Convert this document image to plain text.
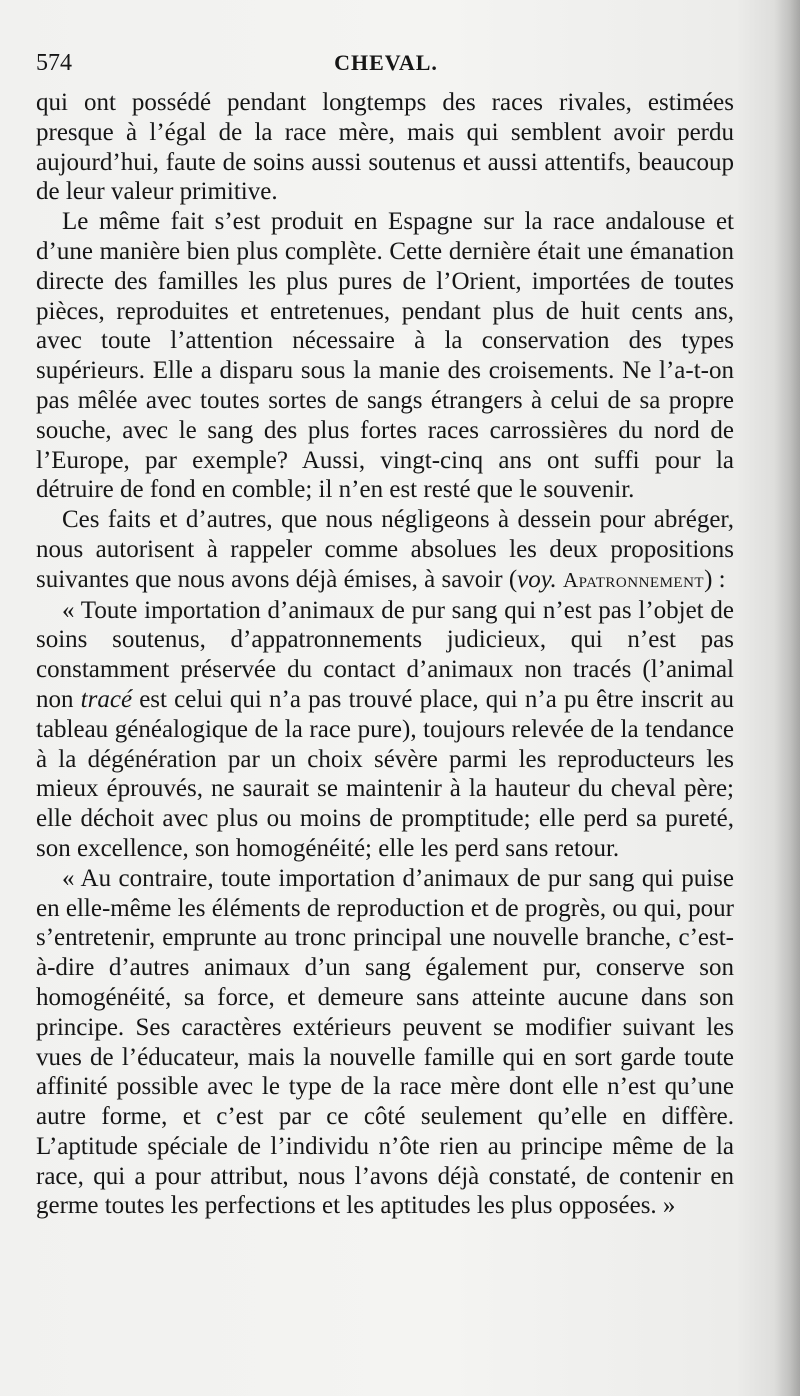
574	CHEVAL.

qui ont possédé pendant longtemps des races rivales, estimées presque à l’égal de la race mère, mais qui semblent avoir perdu aujourd’hui, faute de soins aussi soutenus et aussi attentifs, beaucoup de leur valeur primitive.

Le même fait s’est produit en Espagne sur la race andalouse et d’une manière bien plus complète. Cette dernière était une émanation directe des familles les plus pures de l’Orient, importées de toutes pièces, reproduites et entretenues, pendant plus de huit cents ans, avec toute l’attention nécessaire à la conservation des types supérieurs. Elle a disparu sous la manie des croisements. Ne l’a-t-on pas mêlée avec toutes sortes de sangs étrangers à celui de sa propre souche, avec le sang des plus fortes races carrossières du nord de l’Europe, par exemple? Aussi, vingt-cinq ans ont suffi pour la détruire de fond en comble; il n’en est resté que le souvenir.

Ces faits et d’autres, que nous négligeons à dessein pour abréger, nous autorisent à rappeler comme absolues les deux propositions suivantes que nous avons déjà émises, à savoir (voy. Apatronnement) :

« Toute importation d’animaux de pur sang qui n’est pas l’objet de soins soutenus, d’appatronnements judicieux, qui n’est pas constamment préservée du contact d’animaux non tracés (l’animal non tracé est celui qui n’a pas trouvé place, qui n’a pu être inscrit au tableau généalogique de la race pure), toujours relevée de la tendance à la dégénération par un choix sévère parmi les reproducteurs les mieux éprouvés, ne saurait se maintenir à la hauteur du cheval père; elle déchoit avec plus ou moins de promptitude; elle perd sa pureté, son excellence, son homogénéité; elle les perd sans retour.

« Au contraire, toute importation d’animaux de pur sang qui puise en elle-même les éléments de reproduction et de progrès, ou qui, pour s’entretenir, emprunte au tronc principal une nouvelle branche, c’est-à-dire d’autres animaux d’un sang également pur, conserve son homogénéité, sa force, et demeure sans atteinte aucune dans son principe. Ses caractères extérieurs peuvent se modifier suivant les vues de l’éducateur, mais la nouvelle famille qui en sort garde toute affinité possible avec le type de la race mère dont elle n’est qu’une autre forme, et c’est par ce côté seulement qu’elle en diffère. L’aptitude spéciale de l’individu n’ôte rien au principe même de la race, qui a pour attribut, nous l’avons déjà constaté, de contenir en germe toutes les perfections et les aptitudes les plus opposées. »
